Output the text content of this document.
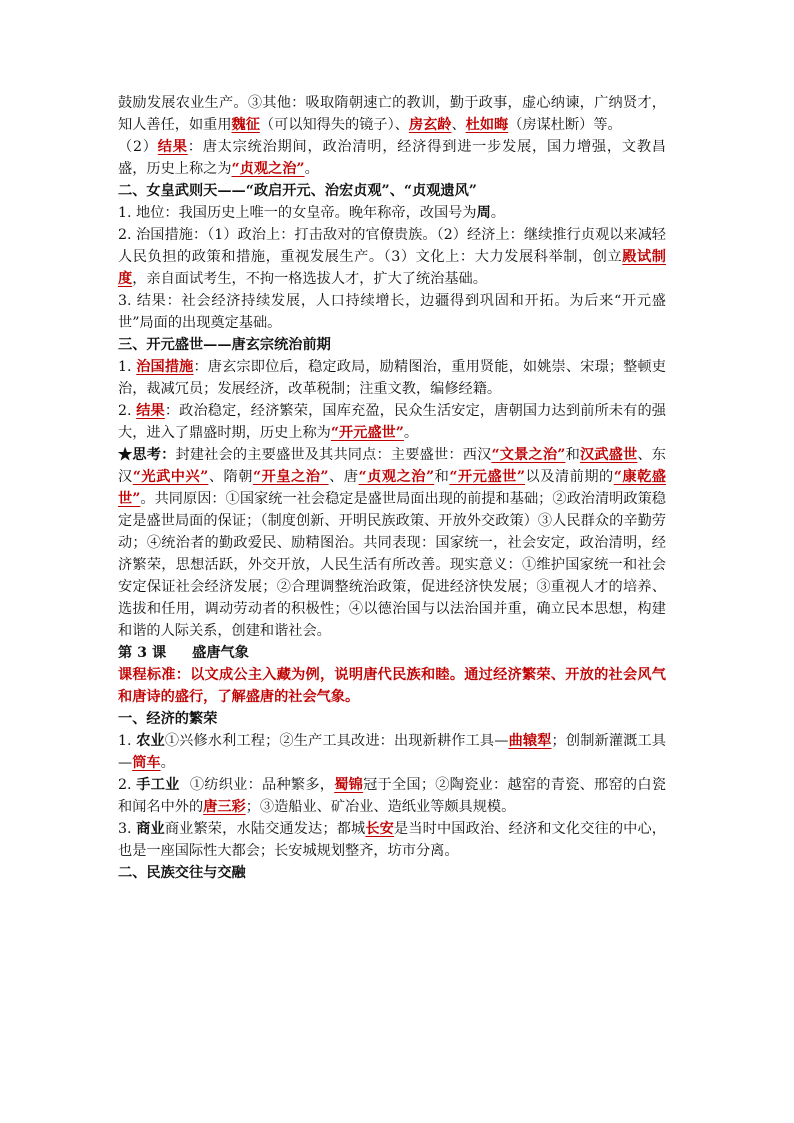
鼓励发展农业生产。③其他：吸取隋朝速亡的教训，勤于政事，虚心纳谏，广纳贤才，知人善任，如重用魏征（可以知得失的镜子）、房玄龄、杜如晦（房谋杜断）等。

（2）结果：唐太宗统治期间，政治清明，经济得到进一步发展，国力增强，文教昌盛，历史上称之为“贞观之治”。

二、女皇武则天——“政启开元、治宏贞观”、“贞观遗风”

1. 地位：我国历史上唯一的女皇帝。晚年称帝，改国号为周。

2. 治国措施：（1）政治上：打击敌对的官僚贵族。（2）经济上：继续推行贞观以来减轻人民负担的政策和措施，重视发展生产。（3）文化上：大力发展科举制，创立殿试制度，亲自面试考生，不拘一格选拔人才，扩大了统治基础。

3. 结果：社会经济持续发展，人口持续增长，边疆得到巩固和开拓。为后来“开元盛世”局面的出现奠定基础。

三、开元盛世——唐玄宗统治前期

1. 治国措施：唐玄宗即位后，稳定政局，励精图治，重用贤能，如姚崇、宋璟；整顿吏治，裁减冗员；发展经济，改革税制；注重文教，编修经籍。

2. 结果：政治稳定，经济繁荣，国库充盈，民众生活安定，唐朝国力达到前所未有的强大，进入了鼎盛时期，历史上称为“开元盛世”。

★思考：封建社会的主要盛世及其共同点：主要盛世：西汉“文景之治”和汉武盛世、东汉“光武中兴”、隋朝“开皇之治”、唐“贞观之治”和“开元盛世”以及清前期的“康乾盛世”。共同原因：①国家统一社会稳定是盛世局面出现的前提和基础；②政治清明政策稳定是盛世局面的保证；（制度创新、开明民族政策、开放外交政策）③人民群众的辛勤劳动；④统治者的勤政爱民、励精图治。共同表现：国家统一，社会安定，政治清明，经济繁荣，思想活跃，外交开放，人民生活有所改善。现实意义：①维护国家统一和社会安定保证社会经济发展；②合理调整统治政策，促进经济快发展；③重视人才的培养、选拔和任用，调动劳动者的积极性；④以德治国与以法治国并重，确立民本思想，构建和谐的人际关系，创建和谐社会。

第 3 课 盛唐气象

课程标准：以文成公主入藏为例，说明唐代民族和睦。通过经济繁荣、开放的社会风气和唐诗的盛行，了解盛唐的社会气象。

一、经济的繁荣

1. 农业①兴修水利工程；②生产工具改进：出现新耕作工具—曲辕犁；创制新灌溉工具—筒车。

2. 手工业 ①纺织业：品种繁多，蜀锦冠于全国；②陶瓷业：越窑的青瓷、邢窑的白瓷和闻名中外的唐三彩；③造船业、矿冶业、造纸业等颇具规模。

3. 商业商业繁荣，水陆交通发达；都城长安是当时中国政治、经济和文化交往的中心，也是一座国际性大都会；长安城规划整齐，坊市分离。

二、民族交往与交融
